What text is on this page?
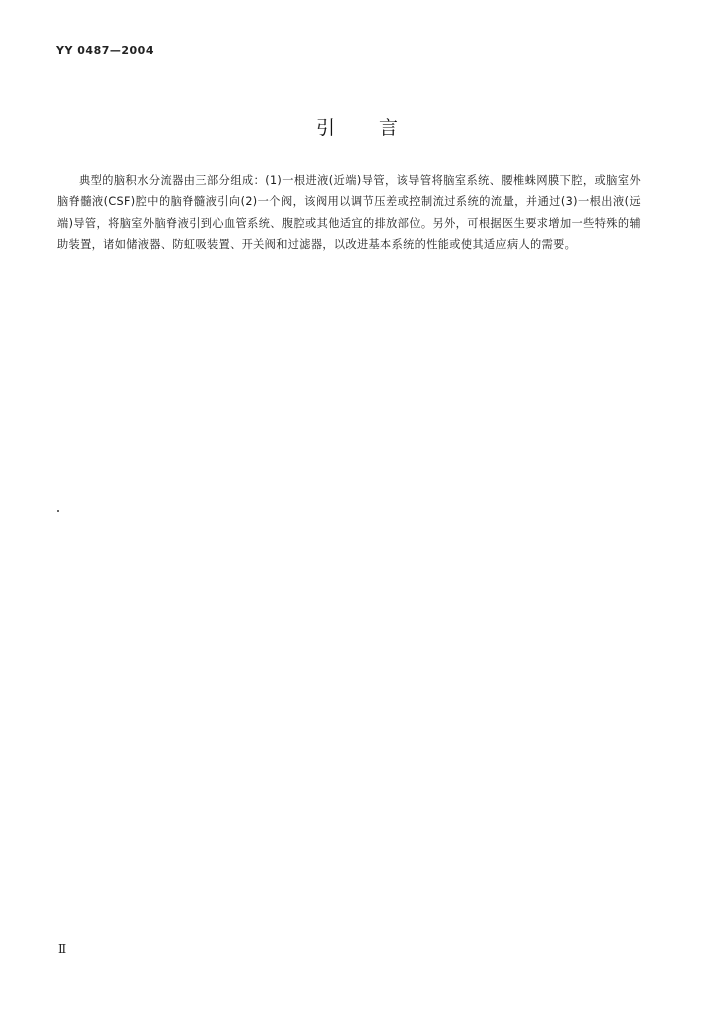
YY 0487—2004
引言

典型的脑积水分流器由三部分组成：(1)一根进液(近端)导管，该导管将脑室系统、腰椎蛛网膜下腔，或脑室外脑脊髓液(CSF)腔中的脑脊髓液引向(2)一个阀，该阀用以调节压差或控制流过系统的流量，并通过(3)一根出液(远端)导管，将脑室外脑脊液引到心血管系统、腹腔或其他适宜的排放部位。另外，可根据医生要求增加一些特殊的辅助装置，诸如储液器、防虹吸装置、开关阀和过滤器，以改进基本系统的性能或使其适应病人的需要。

Ⅱ
